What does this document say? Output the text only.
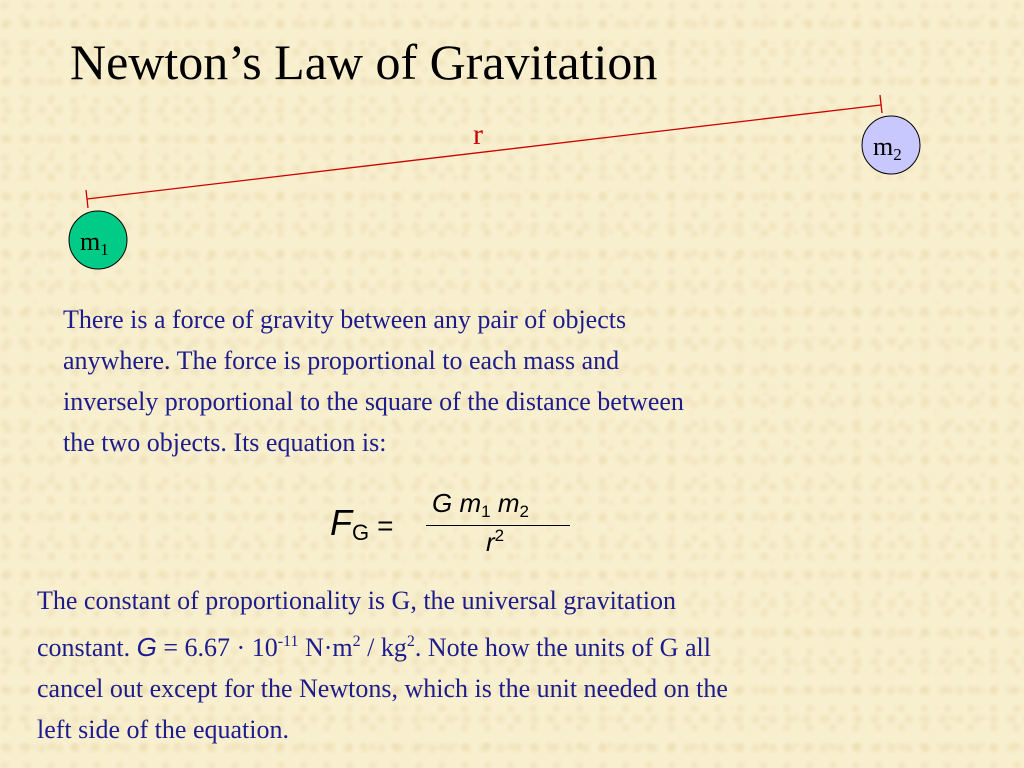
Newton’s Law of Gravitation
r
m1
m2

There is a force of gravity between any pair of objects
anywhere. The force is proportional to each mass and
inversely proportional to the square of the distance between
the two objects. Its equation is:

$F_G$ =
G $m_1$ $m_2$
$r^2$

The constant of proportionality is G, the universal gravitation
constant. $G = 6.67 \cdot 10^{-11}$ $N\cdot m^2 / kg^2$. Note how the units of G all
cancel out except for the Newtons, which is the unit needed on the
left side of the equation.
